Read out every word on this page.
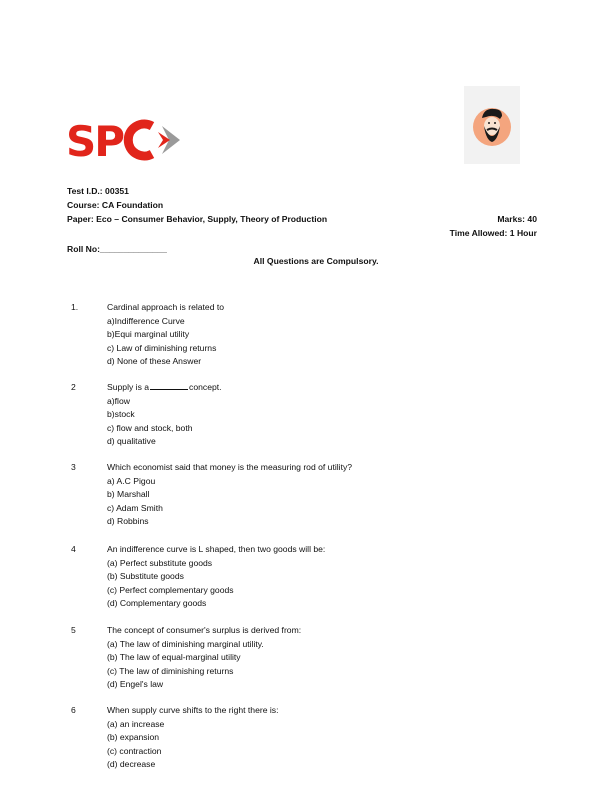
SP
Test I.D.: 00351
Course: CA Foundation
Paper: Eco – Consumer Behavior, Supply, Theory of Production	Marks: 40
Time Allowed: 1 Hour
Roll No:______________
All Questions are Compulsory.
1.	Cardinal approach is related to
a)Indifference Curve
b)Equi marginal utility
c) Law of diminishing returns
d) None of these Answer
2	Supply is a	concept.
a)flow
b)stock
c) flow and stock, both
d) qualitative
3	Which economist said that money is the measuring rod of utility?
a) A.C Pigou
b) Marshall
c) Adam Smith
d) Robbins
4	An indifference curve is L shaped, then two goods will be:
(a) Perfect substitute goods
(b) Substitute goods
(c) Perfect complementary goods
(d) Complementary goods
5	The concept of consumer's surplus is derived from:
(a) The law of diminishing marginal utility.
(b) The law of equal-marginal utility
(c) The law of diminishing returns
(d) Engel's law
6	When supply curve shifts to the right there is:
(a) an increase
(b) expansion
(c) contraction
(d) decrease
